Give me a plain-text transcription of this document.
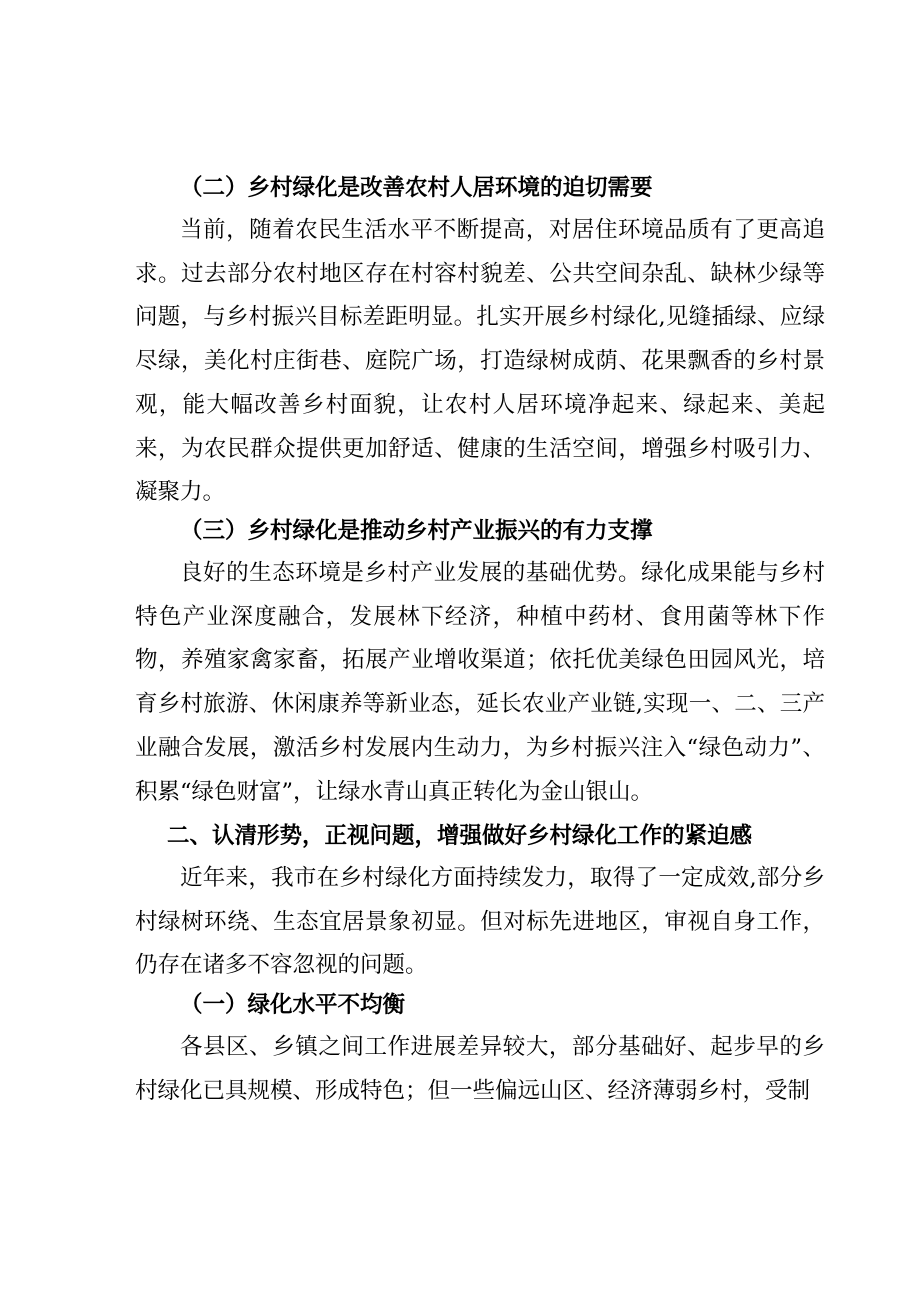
（二）乡村绿化是改善农村人居环境的迫切需要

当前，随着农民生活水平不断提高，对居住环境品质有了更高追求。过去部分农村地区存在村容村貌差、公共空间杂乱、缺林少绿等问题，与乡村振兴目标差距明显。扎实开展乡村绿化,见缝插绿、应绿尽绿，美化村庄街巷、庭院广场，打造绿树成荫、花果飘香的乡村景观，能大幅改善乡村面貌，让农村人居环境净起来、绿起来、美起来，为农民群众提供更加舒适、健康的生活空间，增强乡村吸引力、凝聚力。

（三）乡村绿化是推动乡村产业振兴的有力支撑

良好的生态环境是乡村产业发展的基础优势。绿化成果能与乡村特色产业深度融合，发展林下经济，种植中药材、食用菌等林下作物，养殖家禽家畜，拓展产业增收渠道；依托优美绿色田园风光，培育乡村旅游、休闲康养等新业态，延长农业产业链,实现一、二、三产业融合发展，激活乡村发展内生动力，为乡村振兴注入“绿色动力”、积累“绿色财富”，让绿水青山真正转化为金山银山。

二、认清形势，正视问题，增强做好乡村绿化工作的紧迫感

近年来，我市在乡村绿化方面持续发力，取得了一定成效,部分乡村绿树环绕、生态宜居景象初显。但对标先进地区，审视自身工作，仍存在诸多不容忽视的问题。

（一）绿化水平不均衡

各县区、乡镇之间工作进展差异较大，部分基础好、起步早的乡村绿化已具规模、形成特色；但一些偏远山区、经济薄弱乡村，受制
